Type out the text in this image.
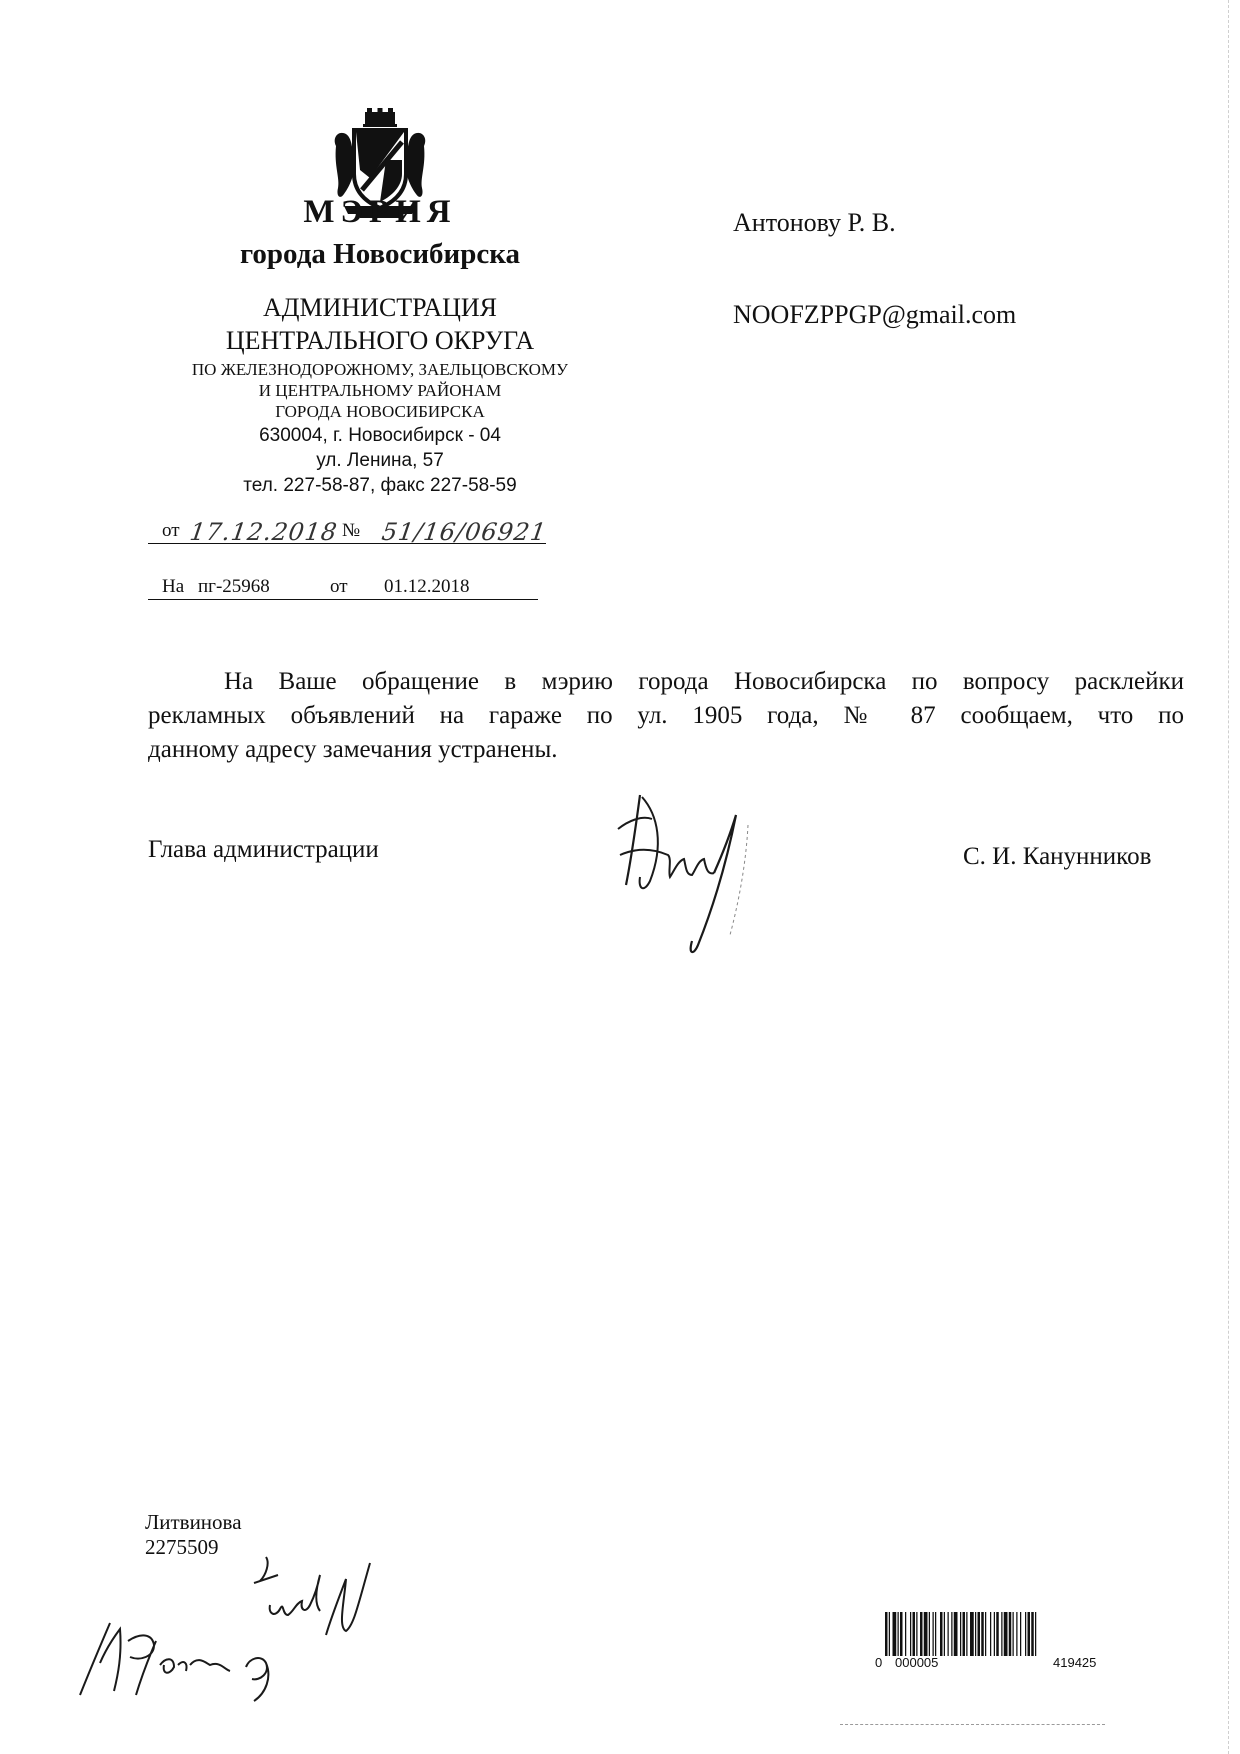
МЭРИЯ
города Новосибирска
АДМИНИСТРАЦИЯ
ЦЕНТРАЛЬНОГО ОКРУГА
ПО ЖЕЛЕЗНОДОРОЖНОМУ, ЗАЕЛЬЦОВСКОМУ
И ЦЕНТРАЛЬНОМУ РАЙОНАМ
ГОРОДА НОВОСИБИРСКА
630004, г. Новосибирск - 04
ул. Ленина, 57
тел. 227-58-87, факс 227-58-59
Антонову Р. В.
NOOFZPPGP@gmail.com
от 17.12.2018 № 51/16/06921
На пг-25968	от 01.12.2018
На Ваше обращение в мэрию города Новосибирска по вопросу расклейки
рекламных объявлений на гараже по ул. 1905 года, № 87 сообщаем, что по
данному адресу замечания устранены.
Глава администрации	С. И. Канунников
Литвинова
2275509
0 000005	419425
